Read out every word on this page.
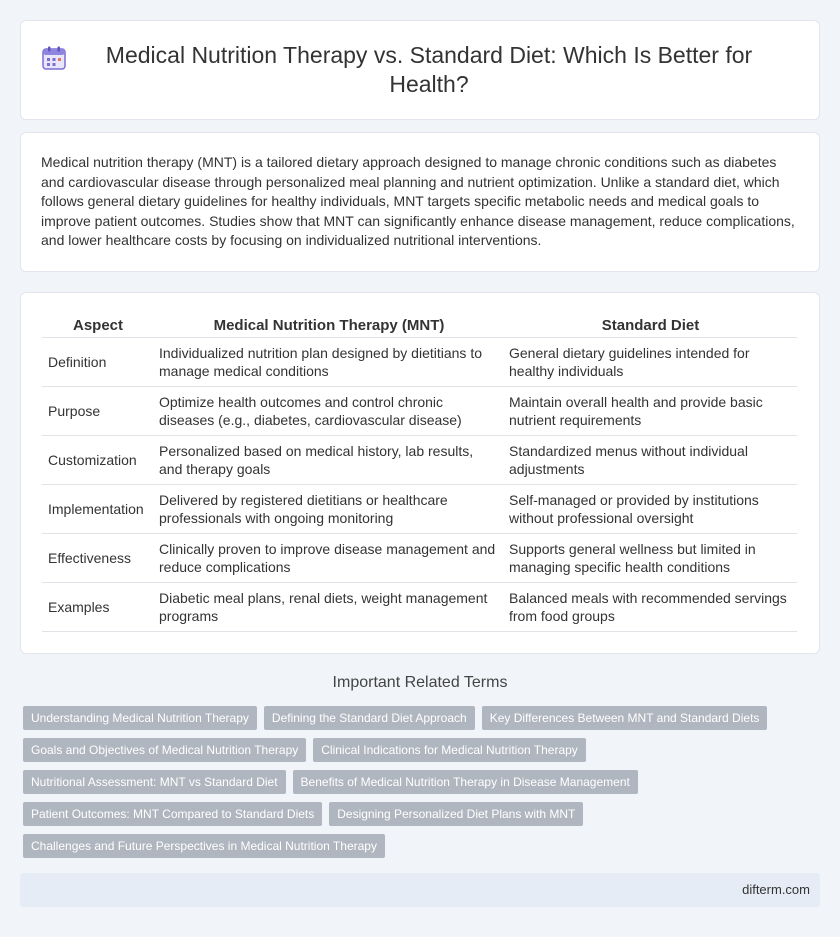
Medical Nutrition Therapy vs. Standard Diet: Which Is Better for Health?

Medical nutrition therapy (MNT) is a tailored dietary approach designed to manage chronic conditions such as diabetes and cardiovascular disease through personalized meal planning and nutrient optimization. Unlike a standard diet, which follows general dietary guidelines for healthy individuals, MNT targets specific metabolic needs and medical goals to improve patient outcomes. Studies show that MNT can significantly enhance disease management, reduce complications, and lower healthcare costs by focusing on individualized nutritional interventions.

Aspect	Medical Nutrition Therapy (MNT)	Standard Diet
Definition	Individualized nutrition plan designed by dietitians to manage medical conditions	General dietary guidelines intended for healthy individuals
Purpose	Optimize health outcomes and control chronic diseases (e.g., diabetes, cardiovascular disease)	Maintain overall health and provide basic nutrient requirements
Customization	Personalized based on medical history, lab results, and therapy goals	Standardized menus without individual adjustments
Implementation	Delivered by registered dietitians or healthcare professionals with ongoing monitoring	Self-managed or provided by institutions without professional oversight
Effectiveness	Clinically proven to improve disease management and reduce complications	Supports general wellness but limited in managing specific health conditions
Examples	Diabetic meal plans, renal diets, weight management programs	Balanced meals with recommended servings from food groups
Important Related Terms
Understanding Medical Nutrition Therapy	Defining the Standard Diet Approach	Key Differences Between MNT and Standard Diets
Goals and Objectives of Medical Nutrition Therapy	Clinical Indications for Medical Nutrition Therapy
Nutritional Assessment: MNT vs Standard Diet	Benefits of Medical Nutrition Therapy in Disease Management
Patient Outcomes: MNT Compared to Standard Diets	Designing Personalized Diet Plans with MNT
Challenges and Future Perspectives in Medical Nutrition Therapy
difterm.com
